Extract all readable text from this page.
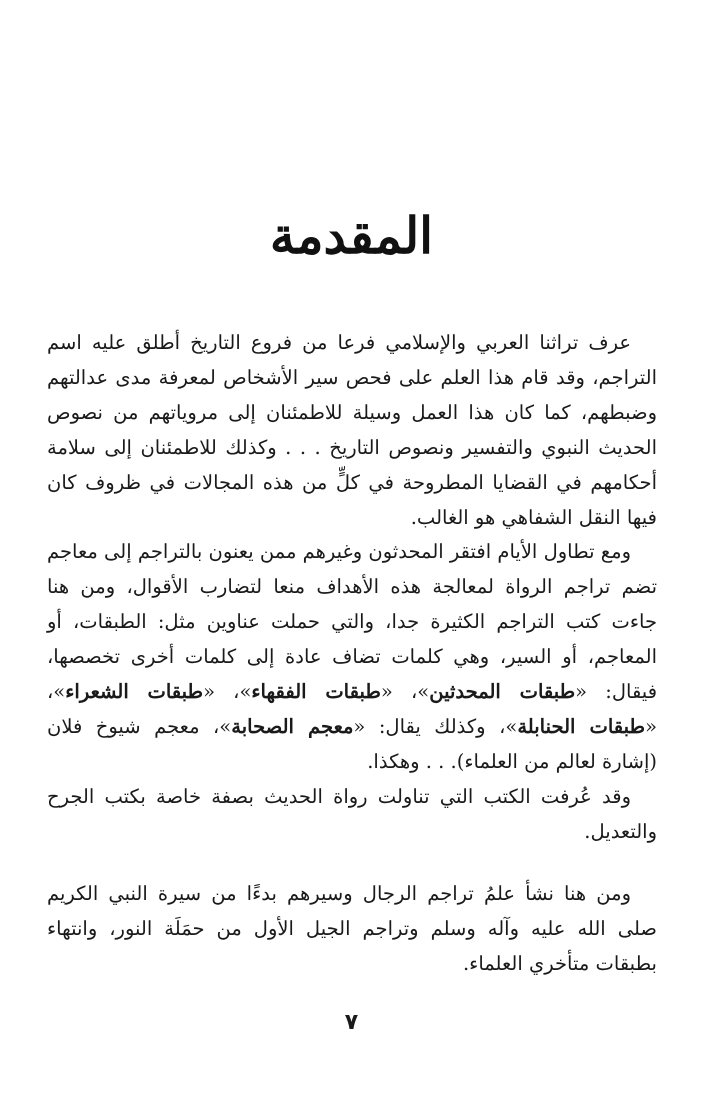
المقدمة

عرف تراثنا العربي والإسلامي فرعا من فروع التاريخ أطلق عليه اسم التراجم، وقد قام هذا العلم على فحص سير الأشخاص لمعرفة مدى عدالتهم وضبطهم، كما كان هذا العمل وسيلة للاطمئنان إلى مروياتهم من نصوص الحديث النبوي والتفسير ونصوص التاريخ . . . وكذلك للاطمئنان إلى سلامة أحكامهم في القضايا المطروحة في كلٍّ من هذه المجالات في ظروف كان فيها النقل الشفاهي هو الغالب.

ومع تطاول الأيام افتقر المحدثون وغيرهم ممن يعنون بالتراجم إلى معاجم تضم تراجم الرواة لمعالجة هذه الأهداف منعا لتضارب الأقوال، ومن هنا جاءت كتب التراجم الكثيرة جدا، والتي حملت عناوين مثل: الطبقات، أو المعاجم، أو السير، وهي كلمات تضاف عادة إلى كلمات أخرى تخصصها، فيقال: «طبقات المحدثين»، «طبقات الفقهاء»، «طبقات الشعراء»، «طبقات الحنابلة»، وكذلك يقال: «معجم الصحابة»، معجم شيوخ فلان (إشارة لعالم من العلماء). . . وهكذا.

وقد عُرفت الكتب التي تناولت رواة الحديث بصفة خاصة بكتب الجرح والتعديل.

ومن هنا نشأ علمُ تراجم الرجال وسيرهم بدءًا من سيرة النبي الكريم صلى الله عليه وآله وسلم وتراجم الجيل الأول من حمَلَة النور، وانتهاء بطبقات متأخري العلماء.

٧
